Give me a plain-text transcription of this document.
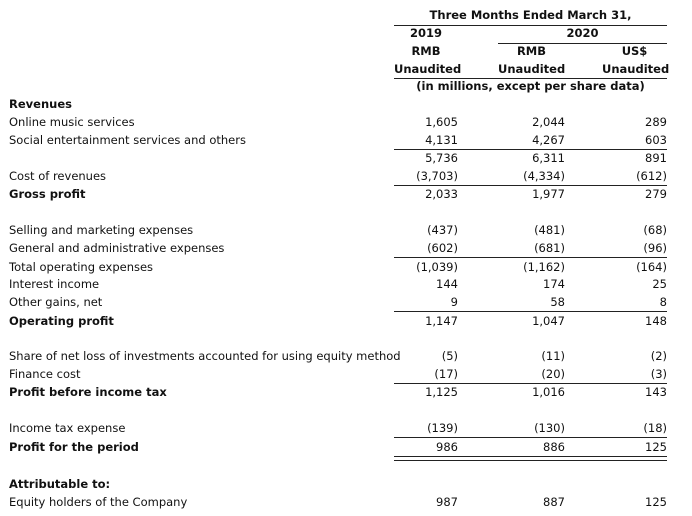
Three Months Ended March 31,
2019	2020
RMB	RMB	US$
Unaudited	Unaudited	Unaudited
(in millions, except per share data)
Revenues
Online music services	1,605	2,044	289
Social entertainment services and others	4,131	4,267	603
5,736	6,311	891
Cost of revenues	(3,703)	(4,334)	(612)
Gross profit	2,033	1,977	279
Selling and marketing expenses	(437)	(481)	(68)
General and administrative expenses	(602)	(681)	(96)
Total operating expenses	(1,039)	(1,162)	(164)
Interest income	144	174	25
Other gains, net	9	58	8
Operating profit	1,147	1,047	148
Share of net loss of investments accounted for using equity method	(5)	(11)	(2)
Finance cost	(17)	(20)	(3)
Profit before income tax	1,125	1,016	143
Income tax expense	(139)	(130)	(18)
Profit for the period	986	886	125
Attributable to:
Equity holders of the Company	987	887	125
